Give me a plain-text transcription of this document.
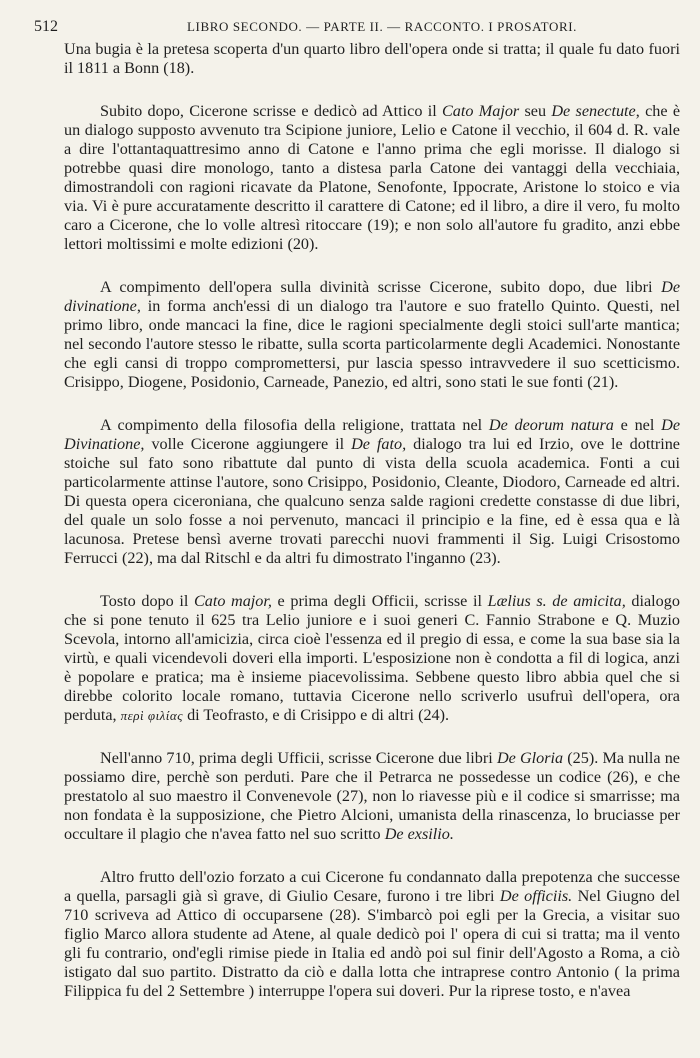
512	LIBRO SECONDO. — PARTE II. — RACCONTO. I PROSATORI.

Una bugia è la pretesa scoperta d'un quarto libro dell'opera onde si tratta; il quale fu dato fuori il 1811 a Bonn (18).

Subito dopo, Cicerone scrisse e dedicò ad Attico il Cato Major seu De senectute, che è un dialogo supposto avvenuto tra Scipione juniore, Lelio e Catone il vecchio, il 604 d. R. vale a dire l'ottantaquattresimo anno di Catone e l'anno prima che egli morisse. Il dialogo si potrebbe quasi dire monologo, tanto a distesa parla Catone dei vantaggi della vecchiaia, dimostrandoli con ragioni ricavate da Platone, Senofonte, Ippocrate, Aristone lo stoico e via via. Vi è pure accuratamente descritto il carattere di Catone; ed il libro, a dire il vero, fu molto caro a Cicerone, che lo volle altresì ritoccare (19); e non solo all'autore fu gradito, anzi ebbe lettori moltissimi e molte edizioni (20).

A compimento dell'opera sulla divinità scrisse Cicerone, subito dopo, due libri De divinatione, in forma anch'essi di un dialogo tra l'autore e suo fratello Quinto. Questi, nel primo libro, onde mancaci la fine, dice le ragioni specialmente degli stoici sull'arte mantica; nel secondo l'autore stesso le ribatte, sulla scorta particolarmente degli Academici. Nonostante che egli cansi di troppo compromettersi, pur lascia spesso intravvedere il suo scetticismo. Crisippo, Diogene, Posidonio, Carneade, Panezio, ed altri, sono stati le sue fonti (21).

A compimento della filosofia della religione, trattata nel De deorum natura e nel De Divinatione, volle Cicerone aggiungere il De fato, dialogo tra lui ed Irzio, ove le dottrine stoiche sul fato sono ribattute dal punto di vista della scuola academica. Fonti a cui particolarmente attinse l'autore, sono Crisippo, Posidonio, Cleante, Diodoro, Carneade ed altri. Di questa opera ciceroniana, che qualcuno senza salde ragioni credette constasse di due libri, del quale un solo fosse a noi pervenuto, mancaci il principio e la fine, ed è essa qua e là lacunosa. Pretese bensì averne trovati parecchi nuovi frammenti il Sig. Luigi Crisostomo Ferrucci (22), ma dal Ritschl e da altri fu dimostrato l'inganno (23).

Tosto dopo il Cato major, e prima degli Officii, scrisse il Lælius s. de amicita, dialogo che si pone tenuto il 625 tra Lelio juniore e i suoi generi C. Fannio Strabone e Q. Muzio Scevola, intorno all'amicizia, circa cioè l'essenza ed il pregio di essa, e come la sua base sia la virtù, e quali vicendevoli doveri ella importi. L'esposizione non è condotta a fil di logica, anzi è popolare e pratica; ma è insieme piacevolissima. Sebbene questo libro abbia quel che si direbbe colorito locale romano, tuttavia Cicerone nello scriverlo usufruì dell'opera, ora perduta, περὶ φιλίας di Teofrasto, e di Crisippo e di altri (24).

Nell'anno 710, prima degli Ufficii, scrisse Cicerone due libri De Gloria (25). Ma nulla ne possiamo dire, perchè son perduti. Pare che il Petrarca ne possedesse un codice (26), e che prestatolo al suo maestro il Convenevole (27), non lo riavesse più e il codice si smarrisse; ma non fondata è la supposizione, che Pietro Alcioni, umanista della rinascenza, lo bruciasse per occultare il plagio che n'avea fatto nel suo scritto De exsilio.

Altro frutto dell'ozio forzato a cui Cicerone fu condannato dalla prepotenza che successe a quella, parsagli già sì grave, di Giulio Cesare, furono i tre libri De officiis. Nel Giugno del 710 scriveva ad Attico di occuparsene (28). S'imbarcò poi egli per la Grecia, a visitar suo figlio Marco allora studente ad Atene, al quale dedicò poi l' opera di cui si tratta; ma il vento gli fu contrario, ond'egli rimise piede in Italia ed andò poi sul finir dell'Agosto a Roma, a ciò istigato dal suo partito. Distratto da ciò e dalla lotta che intraprese contro Antonio ( la prima Filippica fu del 2 Settembre ) interruppe l'opera sui doveri. Pur la riprese tosto, e n'avea
